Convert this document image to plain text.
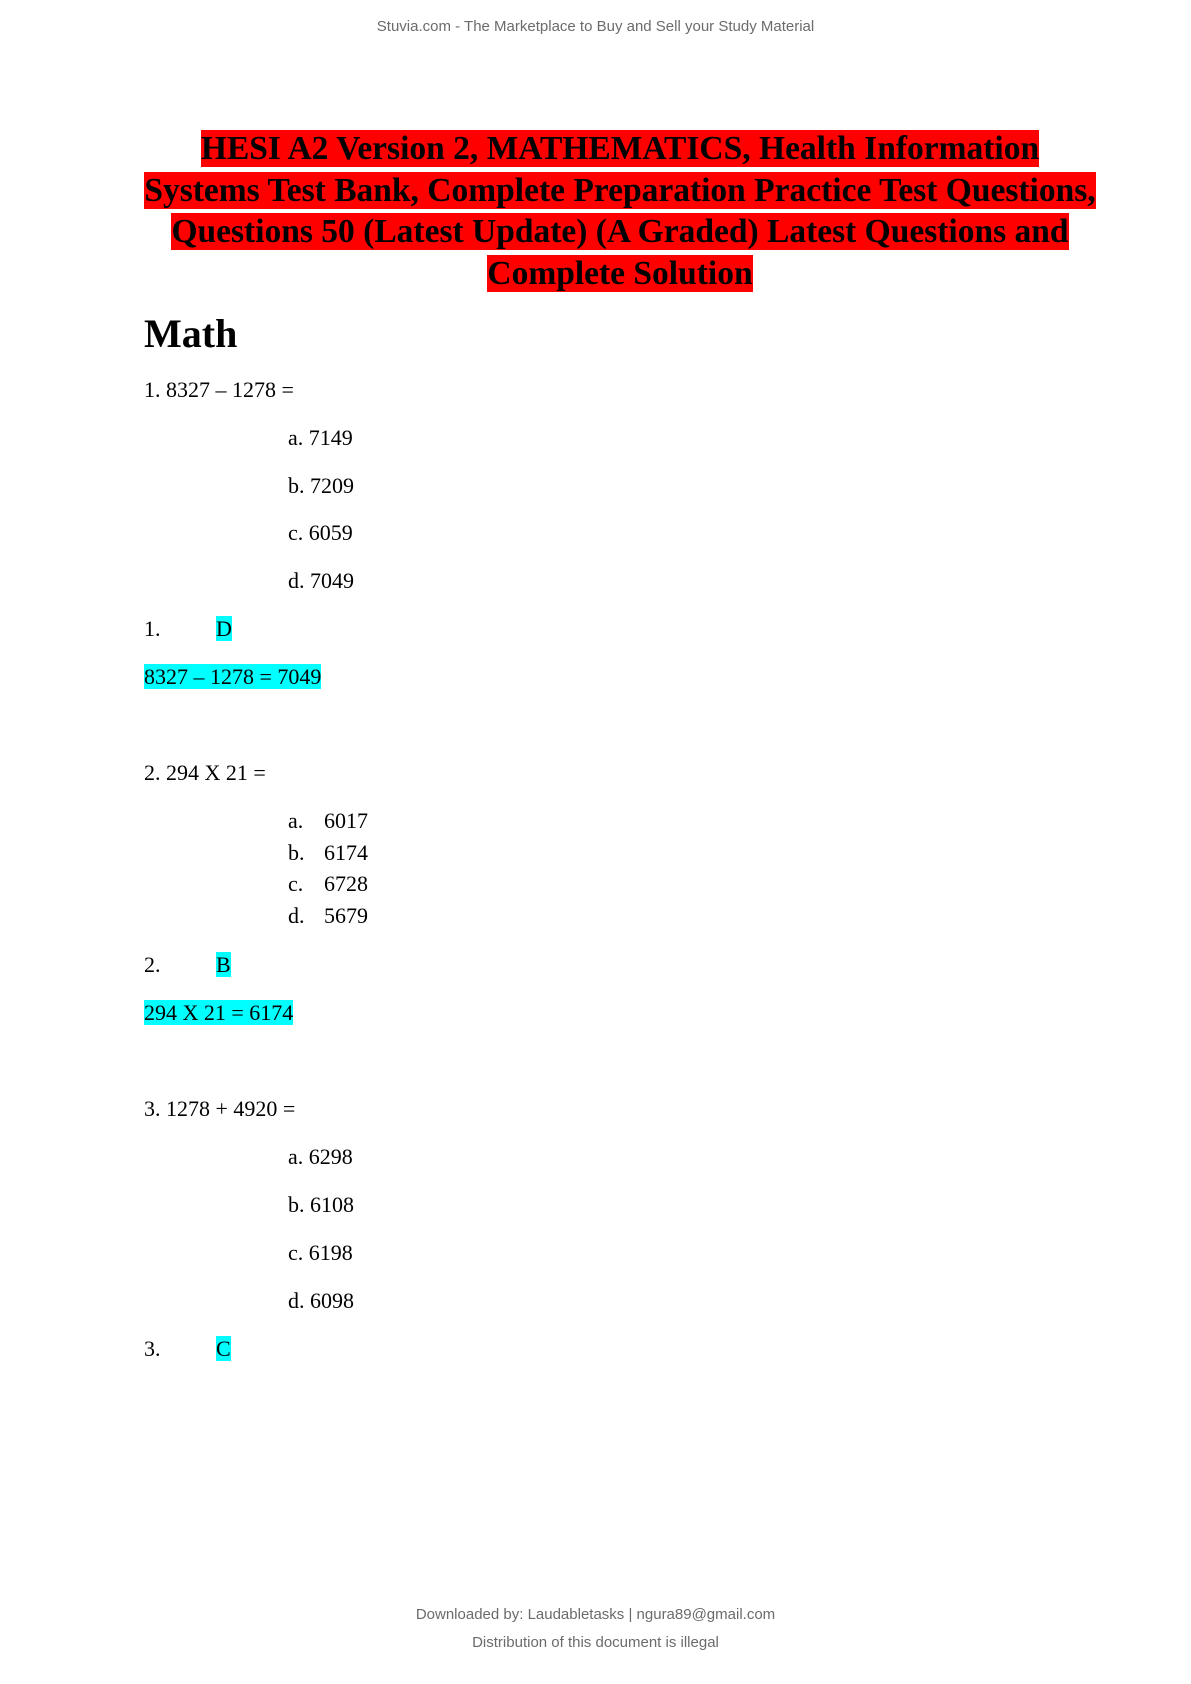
Stuvia.com - The Marketplace to Buy and Sell your Study Material
HESI A2 Version 2, MATHEMATICS, Health Information Systems Test Bank, Complete Preparation Practice Test Questions, Questions 50 (Latest Update) (A Graded) Latest Questions and Complete Solution
Math
1. 8327 – 1278 =
a. 7149
b. 7209
c. 6059
d. 7049
1.	D
8327 – 1278 = 7049
2. 294 X 21 =
a. 6017
b. 6174
c. 6728
d. 5679
2.	B
294 X 21 = 6174
3. 1278 + 4920 =
a. 6298
b. 6108
c. 6198
d. 6098
3.	C
Downloaded by: Laudabletasks | ngura89@gmail.com
Distribution of this document is illegal
